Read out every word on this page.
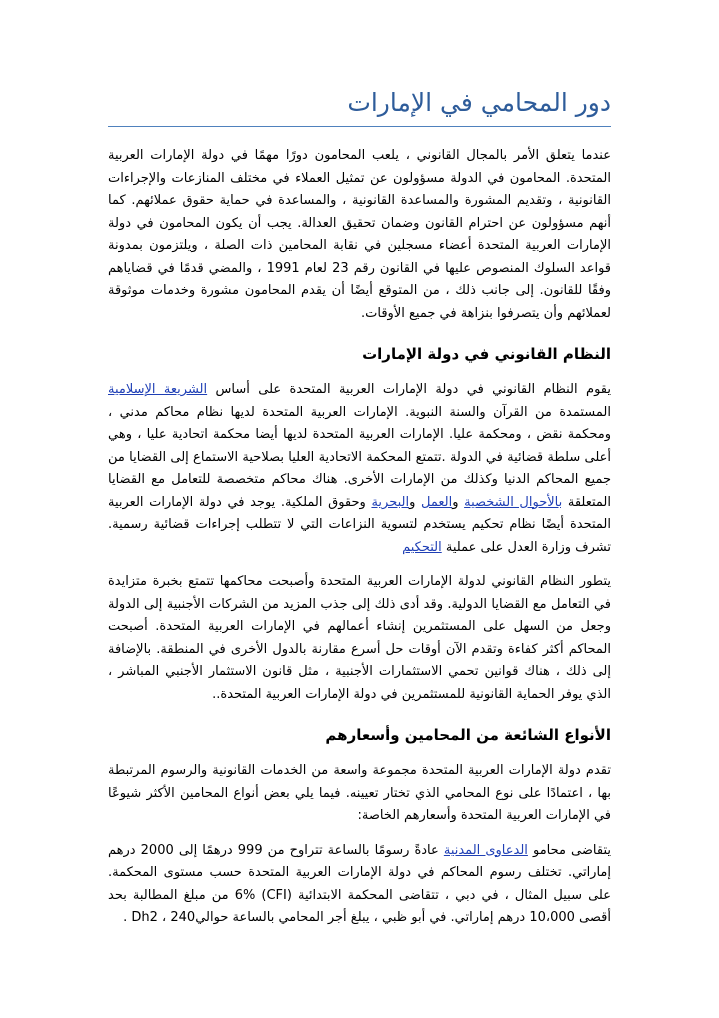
دور المحامي في الإمارات

عندما يتعلق الأمر بالمجال القانوني ، يلعب المحامون دورًا مهمًا في دولة الإمارات العربية المتحدة. المحامون في الدولة مسؤولون عن تمثيل العملاء في مختلف المنازعات والإجراءات القانونية ، وتقديم المشورة والمساعدة القانونية ، والمساعدة في حماية حقوق عملائهم. كما أنهم مسؤولون عن احترام القانون وضمان تحقيق العدالة. يجب أن يكون المحامون في دولة الإمارات العربية المتحدة أعضاء مسجلين في نقابة المحامين ذات الصلة ، ويلتزمون بمدونة قواعد السلوك المنصوص عليها في القانون رقم 23 لعام 1991 ، والمضي قدمًا في قضاياهم وفقًا للقانون. إلى جانب ذلك ، من المتوقع أيضًا أن يقدم المحامون مشورة وخدمات موثوقة لعملائهم وأن يتصرفوا بنزاهة في جميع الأوقات.

النظام القانوني في دولة الإمارات

يقوم النظام القانوني في دولة الإمارات العربية المتحدة على أساس الشريعة الإسلامية المستمدة من القرآن والسنة النبوية. الإمارات العربية المتحدة لديها نظام محاكم مدني ، ومحكمة نقض ، ومحكمة عليا. الإمارات العربية المتحدة لديها أيضا محكمة اتحادية عليا ، وهي أعلى سلطة قضائية في الدولة .تتمتع المحكمة الاتحادية العليا بصلاحية الاستماع إلى القضايا من جميع المحاكم الدنيا وكذلك من الإمارات الأخرى. هناك محاكم متخصصة للتعامل مع القضايا المتعلقة بالأحوال الشخصية والعمل والبحرية وحقوق الملكية. يوجد في دولة الإمارات العربية المتحدة أيضًا نظام تحكيم يستخدم لتسوية النزاعات التي لا تتطلب إجراءات قضائية رسمية. تشرف وزارة العدل على عملية التحكيم

يتطور النظام القانوني لدولة الإمارات العربية المتحدة وأصبحت محاكمها تتمتع بخبرة متزايدة في التعامل مع القضايا الدولية. وقد أدى ذلك إلى جذب المزيد من الشركات الأجنبية إلى الدولة وجعل من السهل على المستثمرين إنشاء أعمالهم في الإمارات العربية المتحدة. أصبحت المحاكم أكثر كفاءة وتقدم الآن أوقات حل أسرع مقارنة بالدول الأخرى في المنطقة. بالإضافة إلى ذلك ، هناك قوانين تحمي الاستثمارات الأجنبية ، مثل قانون الاستثمار الأجنبي المباشر ، الذي يوفر الحماية القانونية للمستثمرين في دولة الإمارات العربية المتحدة..

الأنواع الشائعة من المحامين وأسعارهم

تقدم دولة الإمارات العربية المتحدة مجموعة واسعة من الخدمات القانونية والرسوم المرتبطة بها ، اعتمادًا على نوع المحامي الذي تختار تعيينه. فيما يلي بعض أنواع المحامين الأكثر شيوعًا في الإمارات العربية المتحدة وأسعارهم الخاصة:

يتقاضى محامو الدعاوى المدنية عادةً رسومًا بالساعة تتراوح من 999 درهمًا إلى 2000 درهم إماراتي. تختلف رسوم المحاكم في دولة الإمارات العربية المتحدة حسب مستوى المحكمة. على سبيل المثال ، في دبي ، تتقاضى المحكمة الابتدائية (CFI) 6% من مبلغ المطالبة بحد أقصى 10،000 درهم إماراتي. في أبو ظبي ، يبلغ أجر المحامي بالساعة حوالي240 ، Dh2 .
